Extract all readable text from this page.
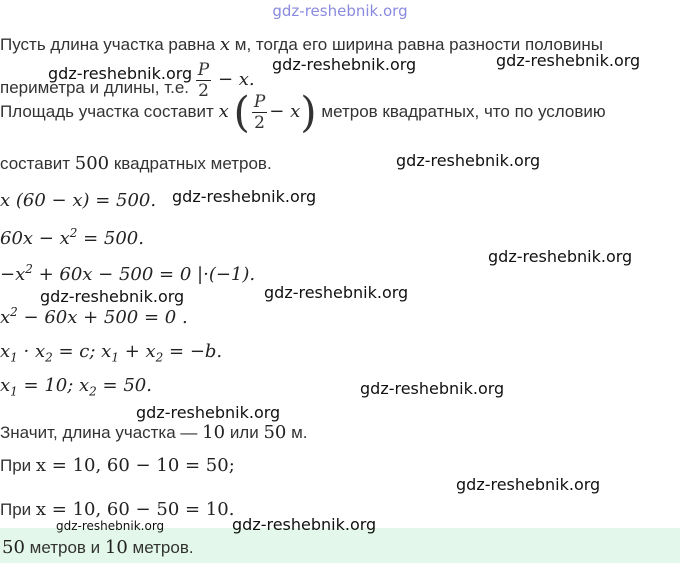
gdz-reshebnik.org
Пусть длина участка равна x м, тогда его ширина равна разности половины
периметра и длины, т.е. $\frac{P}{2} - x$.
Площадь участка составит x ( $\frac{P}{2} - x$) метров квадратных, что по условию
составит 500 квадратных метров.
x (60 − x) = 500.
$60x - x^2 = 500$.
$-x^2 + 60x - 500 = 0$ |·(−1).
$x^2 - 60x + 500 = 0$ .
$x_1 \cdot x_2 = c$; $x_1 + x_2 = -b$.
$x_1 = 10$; $x_2 = 50$.
Значит, длина участка — 10 или 50 м.
При x = 10, 60 − 10 = 50;
При x = 10, 60 − 50 = 10.
50 метров и 10 метров.
gdz-reshebnik.org	gdz-reshebnik.org	gdz-reshebnik.org
gdz-reshebnik.org
gdz-reshebnik.org
gdz-reshebnik.org
gdz-reshebnik.org	gdz-reshebnik.org
gdz-reshebnik.org
gdz-reshebnik.org
gdz-reshebnik.org
gdz-reshebnik.org
gdz-reshebnik.org
